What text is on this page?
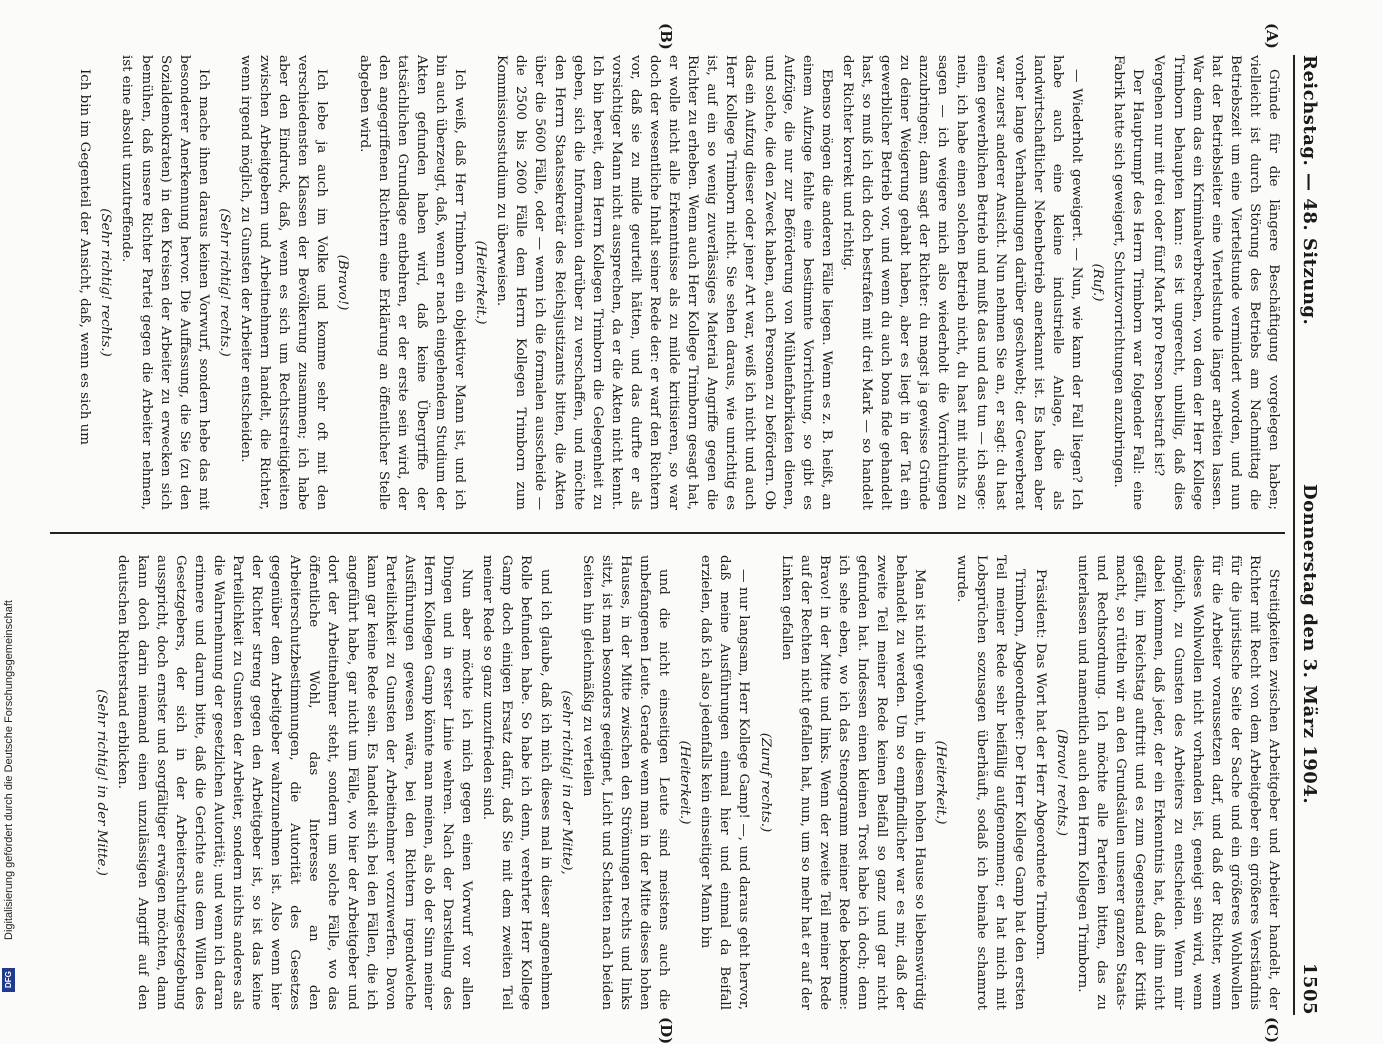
Reichstag. — 48. Sitzung.
Donnerstag den 3. März 1904.
1505
(A)
(C)
(B)
(D)

Gründe für die längere Beschäftigung vorgelegen haben; vielleicht ist durch Störung des Betriebs am Nachmittag die Betriebszeit um eine Viertelstunde vermindert worden, und nun hat der Betriebsleiter eine Viertelstunde länger arbeiten lassen. War denn das ein Kriminalverbrechen, von dem der Herr Kollege Trimborn behaupten kann: es ist ungerecht, unbillig, daß dies Vergehen nur mit drei oder fünf Mark pro Person bestraft ist?

Der Hauptrumpf des Herrn Trimborn war folgender Fall: eine Fabrik hatte sich geweigert, Schutzvorrichtungen anzubringen.

(Ruf.)

— Wiederholt geweigert. — Nun, wie kann der Fall liegen? Ich habe auch eine kleine industrielle Anlage, die als landwirtschaftlicher Nebenbetrieb anerkannt ist. Es haben aber vorher lange Verhandlungen darüber geschwebt; der Gewerberat war zuerst anderer Ansicht. Nun nehmen Sie an, er sagt: du hast einen gewerblichen Betrieb und mußt das und das tun — ich sage: nein, ich habe einen solchen Betrieb nicht, du hast mit nichts zu sagen — ich weigere mich also wiederholt die Vorrichtungen anzubringen; dann sagt der Richter: du magst ja gewisse Gründe zu deiner Weigerung gehabt haben, aber es liegt in der Tat ein gewerblicher Betrieb vor, und wenn du auch bona fide gehandelt hast, so muß ich dich doch bestrafen mit drei Mark — so handelt der Richter korrekt und richtig.

Ebenso mögen die anderen Fälle liegen. Wenn es z. B. heißt, an einem Aufzuge fehlte eine bestimmte Vorrichtung, so gibt es Aufzüge, die nur zur Beförderung von Mühlenfabrikaten dienen, und solche, die den Zweck haben, auch Personen zu befördern. Ob das ein Aufzug dieser oder jener Art war, weiß ich nicht und auch Herr Kollege Trimborn nicht. Sie sehen daraus, wie unrichtig es ist, auf ein so wenig zuverlässiges Material Angriffe gegen die Richter zu erheben. Wenn auch Herr Kollege Trimborn gesagt hat, er wolle nicht alle Erkenntnisse als zu milde kritisieren, so war doch der wesentliche Inhalt seiner Rede der: er warf den Richtern vor, daß sie zu milde geurteilt hätten, und das durfte er als vorsichtiger Mann nicht aussprechen, da er die Akten nicht kennt. Ich bin bereit, dem Herrn Kollegen Trimborn die Gelegenheit zu geben, sich die Information darüber zu verschaffen, und möchte den Herrn Staatssekretär des Reichsjustizamts bitten, die Akten über die 5600 Fälle, oder — wenn ich die formalen ausscheide — die 2500 bis 2600 Fälle dem Herrn Kollegen Trimborn zum Kommissionsstudium zu überweisen.

(Heiterkeit.)

Ich weiß, daß Herr Trimborn ein objektiver Mann ist, und ich bin auch überzeugt, daß, wenn er nach eingehendem Studium der Akten gefunden haben wird, daß keine Übergriffe der tatsächlichen Grundlage entbehren, er der erste sein wird, der den angegriffenen Richtern eine Erklärung an öffentlicher Stelle abgeben wird.

(Bravo!)

Ich lebe ja auch im Volke und komme sehr oft mit den verschiedensten Klassen der Bevölkerung zusammen; ich habe aber den Eindruck, daß, wenn es sich um Rechtsstreitigkeiten zwischen Arbeitgebern und Arbeitnehmern handelt, die Richter, wenn irgend möglich, zu Gunsten der Arbeiter entscheiden.

(Sehr richtig! rechts.)

Ich mache ihnen daraus keinen Vorwurf, sondern hebe das mit besonderer Anerkennung hervor. Die Auffassung, die Sie (zu den Sozialdemokraten) in den Kreisen der Arbeiter zu erwecken sich bemühen, daß unsere Richter Partei gegen die Arbeiter nehmen, ist eine absolut unzutreffende.

(Sehr richtig! rechts.)

Ich bin im Gegenteil der Ansicht, daß, wenn es sich um

Streitigkeiten zwischen Arbeitgeber und Arbeiter handelt, der Richter mit Recht von dem Arbeitgeber ein größeres Verständnis für die juristische Seite der Sache und ein größeres Wohlwollen für die Arbeiter voraussetzen darf, und daß der Richter, wenn dieses Wohlwollen nicht vorhanden ist, geneigt sein wird, wenn möglich, zu Gunsten des Arbeiters zu entscheiden. Wenn mir dabei kommen, daß jeder, der ein Erkenntnis hat, daß ihm nicht gefällt, im Reichstag auftritt und es zum Gegenstand der Kritik macht, so rütteln wir an den Grundsäulen unserer ganzen Staats- und Rechtsordnung. Ich möchte alle Parteien bitten, das zu unterlassen und namentlich auch den Herrn Kollegen Trimborn.

(Bravo! rechts.)

Präsident: Das Wort hat der Herr Abgeordnete Trimborn.

Trimborn, Abgeordneter: Der Herr Kollege Gamp hat den ersten Teil meiner Rede sehr beifällig aufgenommen; er hat mich mit Lobsprüchen sozusagen überhäuft, sodaß ich beinahe schamrot wurde.

(Heiterkeit.)

Man ist nicht gewohnt, in diesem hohen Hause so liebenswürdig behandelt zu werden. Um so empfindlicher war es mir, daß der zweite Teil meiner Rede keinen Beifall so ganz und gar nicht gefunden hat. Indessen einen kleinen Trost habe ich doch; denn ich sehe eben, wo ich das Stenogramm meiner Rede bekomme: Bravo! in der Mitte und links. Wenn der zweite Teil meiner Rede auf der Rechten nicht gefallen hat, nun, um so mehr hat er auf der Linken gefallen

(Zuruf rechts.)

— nur langsam, Herr Kollege Gamp! —, und daraus geht hervor, daß meine Ausführungen einmal hier und einmal da Beifall erzielen, daß ich also jedenfalls kein einseitiger Mann bin

(Heiterkeit.)

und die nicht einseitigen Leute sind meistens auch die unbefangenen Leute. Gerade wenn man in der Mitte dieses hohen Hauses, in der Mitte zwischen den Strömungen rechts und links sitzt, ist man besonders geeignet, Licht und Schatten nach beiden Seiten hin gleichmäßig zu verteilen

(sehr richtig! in der Mitte),

und ich glaube, daß ich mich dieses mal in dieser angenehmen Rolle befunden habe. So habe ich denn, verehrter Herr Kollege Gamp doch einigen Ersatz dafür, daß Sie mit dem zweiten Teil meiner Rede so ganz unzufrieden sind.

Nun aber möchte ich mich gegen einen Vorwurf vor allen Dingen und in erster Linie wehren. Nach der Darstellung des Herrn Kollegen Gamp könnte man meinen, als ob der Sinn meiner Ausführungen gewesen wäre, bei den Richtern irgendwelche Parteilichkeit zu Gunsten der Arbeitnehmer vorzuwerfen. Davon kann gar keine Rede sein. Es handelt sich bei den Fällen, die ich angeführt habe, gar nicht um Fälle, wo hier der Arbeitgeber und dort der Arbeitnehmer steht, sondern um solche Fälle, wo das öffentliche Wohl, das Interesse an den Arbeiterschutzbestimmungen, die Autorität des Gesetzes gegenüber dem Arbeitgeber wahrzunehmen ist. Also wenn hier der Richter streng gegen den Arbeitgeber ist, so ist das keine Parteilichkeit zu Gunsten der Arbeiter, sondern nichts anderes als die Wahrnehmung der gesetzlichen Autorität; und wenn ich daran erinnere und darum bitte, daß die Gerichte aus dem Willen des Gesetzgebers, der sich in der Arbeiterschutzgesetzgebung ausspricht, doch ernster und sorgfältiger erwägen möchten, dann kann doch darin niemand einen unzulässigen Angriff auf den deutschen Richterstand erblicken.

(Sehr richtig! in der Mitte.)

Digitalisierung gefördert durch die Deutsche Forschungsgemeinschaft
DFG
